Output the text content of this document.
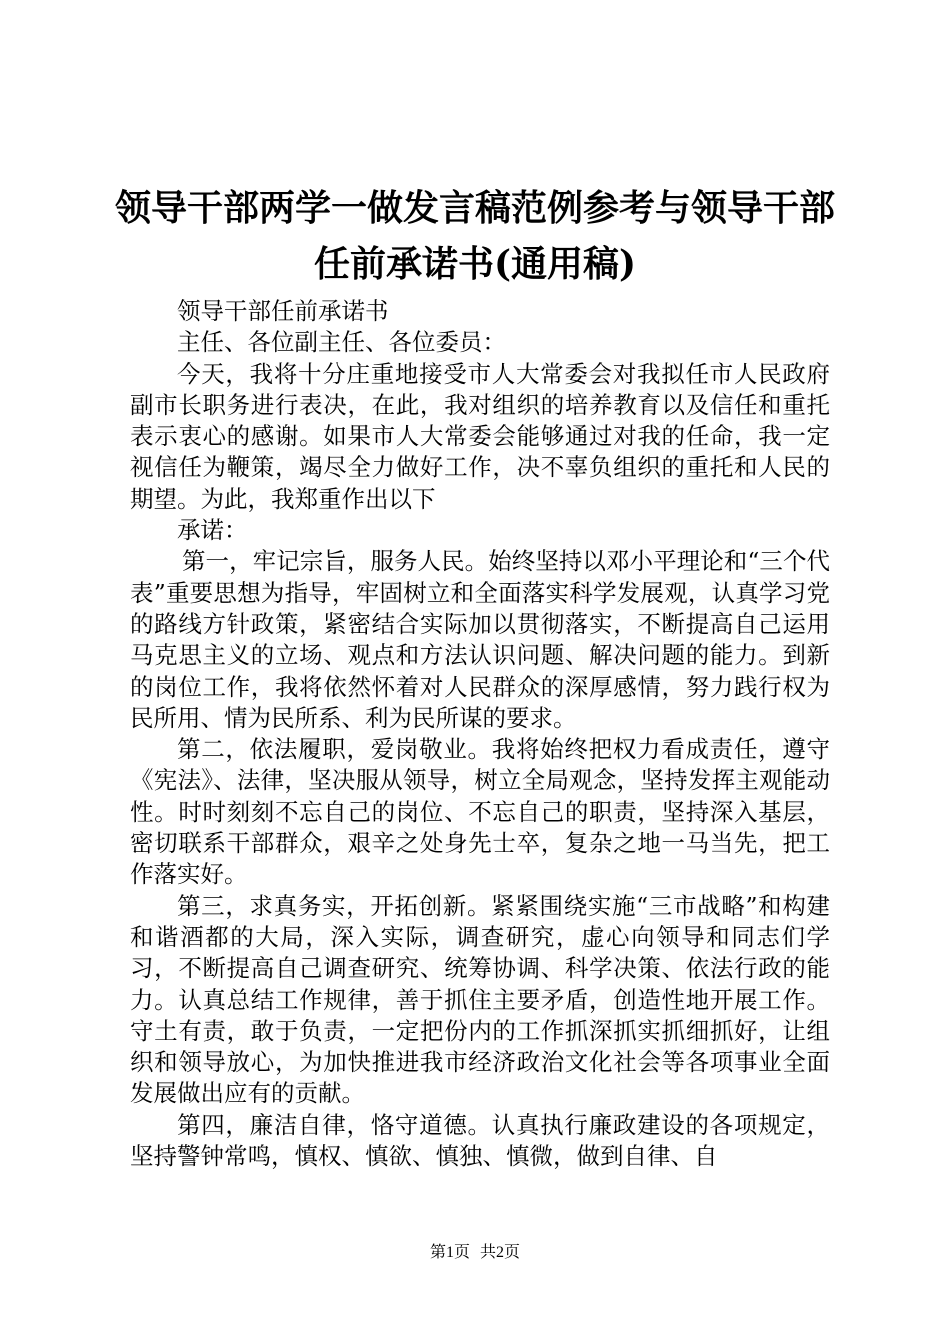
领导干部两学一做发言稿范例参考与领导干部
任前承诺书(通用稿)

领导干部任前承诺书

主任、各位副主任、各位委员：

今天，我将十分庄重地接受市人大常委会对我拟任市人民政府副市长职务进行表决，在此，我对组织的培养教育以及信任和重托表示衷心的感谢。如果市人大常委会能够通过对我的任命，我一定视信任为鞭策，竭尽全力做好工作，决不辜负组织的重托和人民的期望。为此，我郑重作出以下

承诺：

第一，牢记宗旨，服务人民。始终坚持以邓小平理论和“三个代表”重要思想为指导，牢固树立和全面落实科学发展观，认真学习党的路线方针政策，紧密结合实际加以贯彻落实，不断提高自己运用马克思主义的立场、观点和方法认识问题、解决问题的能力。到新的岗位工作，我将依然怀着对人民群众的深厚感情，努力践行权为民所用、情为民所系、利为民所谋的要求。

第二，依法履职，爱岗敬业。我将始终把权力看成责任，遵守《宪法》、法律，坚决服从领导，树立全局观念，坚持发挥主观能动性。时时刻刻不忘自己的岗位、不忘自己的职责，坚持深入基层，密切联系干部群众，艰辛之处身先士卒，复杂之地一马当先，把工作落实好。

第三，求真务实，开拓创新。紧紧围绕实施“三市战略”和构建和谐酒都的大局，深入实际，调查研究，虚心向领导和同志们学习，不断提高自己调查研究、统筹协调、科学决策、依法行政的能力。认真总结工作规律，善于抓住主要矛盾，创造性地开展工作。守土有责，敢于负责，一定把份内的工作抓深抓实抓细抓好，让组织和领导放心，为加快推进我市经济政治文化社会等各项事业全面发展做出应有的贡献。

第四，廉洁自律，恪守道德。认真执行廉政建设的各项规定，坚持警钟常鸣，慎权、慎欲、慎独、慎微，做到自律、自

第1页 共2页
